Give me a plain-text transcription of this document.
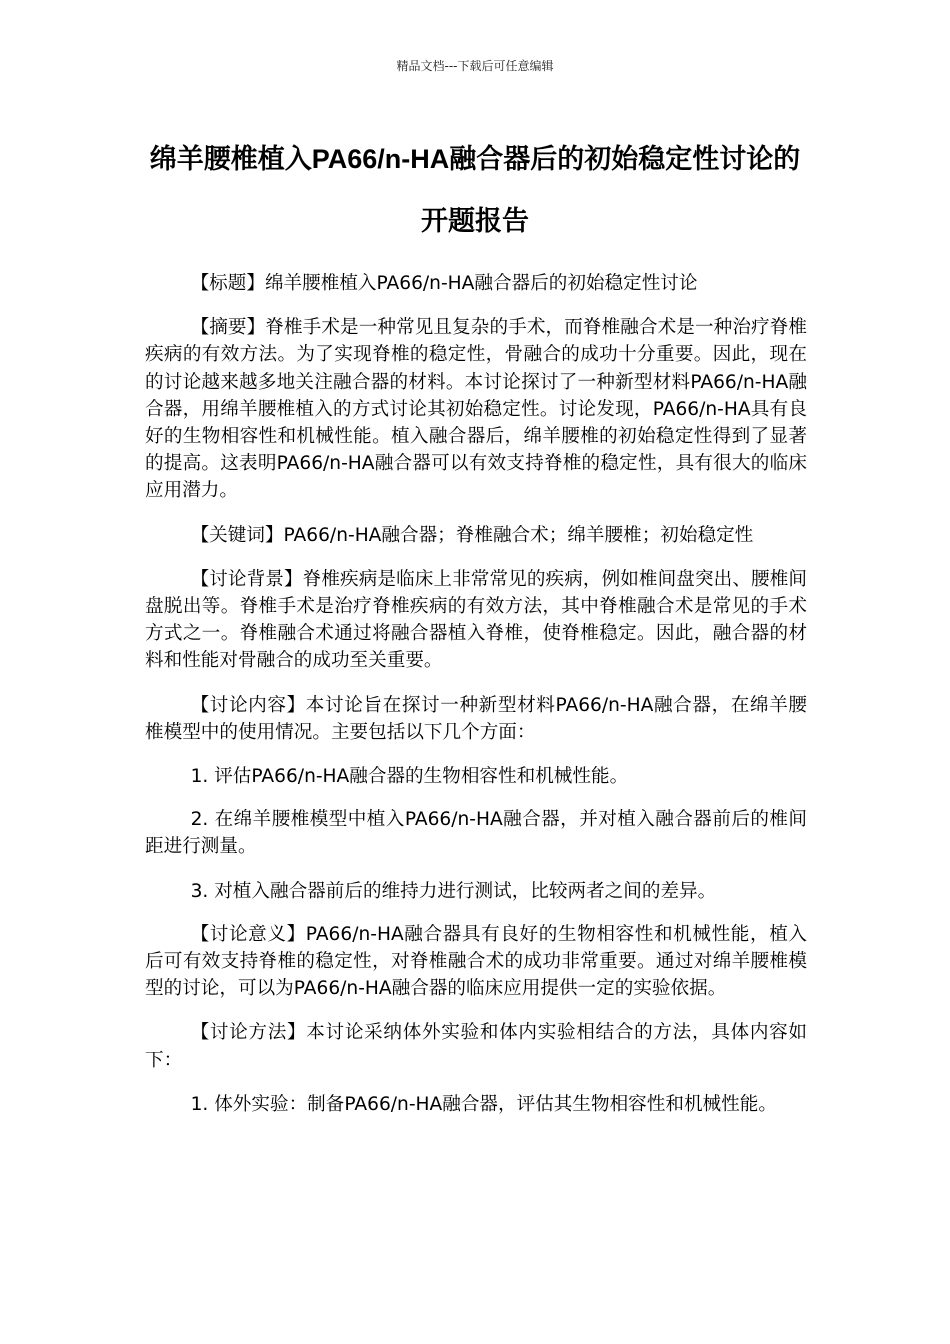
精品文档---下载后可任意编辑
绵羊腰椎植入PA66/n-HA融合器后的初始稳定性讨论的开题报告

【标题】绵羊腰椎植入PA66/n-HA融合器后的初始稳定性讨论

【摘要】脊椎手术是一种常见且复杂的手术，而脊椎融合术是一种治疗脊椎疾病的有效方法。为了实现脊椎的稳定性，骨融合的成功十分重要。因此，现在的讨论越来越多地关注融合器的材料。本讨论探讨了一种新型材料PA66/n-HA融合器，用绵羊腰椎植入的方式讨论其初始稳定性。讨论发现，PA66/n-HA具有良好的生物相容性和机械性能。植入融合器后，绵羊腰椎的初始稳定性得到了显著的提高。这表明PA66/n-HA融合器可以有效支持脊椎的稳定性，具有很大的临床应用潜力。

【关键词】PA66/n-HA融合器；脊椎融合术；绵羊腰椎；初始稳定性

【讨论背景】脊椎疾病是临床上非常常见的疾病，例如椎间盘突出、腰椎间盘脱出等。脊椎手术是治疗脊椎疾病的有效方法，其中脊椎融合术是常见的手术方式之一。脊椎融合术通过将融合器植入脊椎，使脊椎稳定。因此，融合器的材料和性能对骨融合的成功至关重要。

【讨论内容】本讨论旨在探讨一种新型材料PA66/n-HA融合器，在绵羊腰椎模型中的使用情况。主要包括以下几个方面：

1. 评估PA66/n-HA融合器的生物相容性和机械性能。

2. 在绵羊腰椎模型中植入PA66/n-HA融合器，并对植入融合器前后的椎间距进行测量。

3. 对植入融合器前后的维持力进行测试，比较两者之间的差异。

【讨论意义】PA66/n-HA融合器具有良好的生物相容性和机械性能，植入后可有效支持脊椎的稳定性，对脊椎融合术的成功非常重要。通过对绵羊腰椎模型的讨论，可以为PA66/n-HA融合器的临床应用提供一定的实验依据。

【讨论方法】本讨论采纳体外实验和体内实验相结合的方法，具体内容如下：

1. 体外实验：制备PA66/n-HA融合器，评估其生物相容性和机械性能。
